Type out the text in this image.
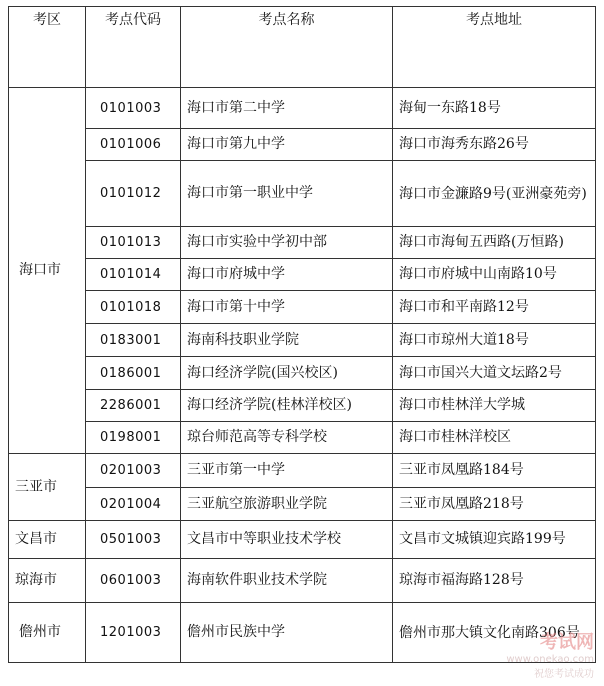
考区	考点代码	考点名称	考点地址
海口市	0101003	海口市第二中学	海甸一东路18号
	0101006	海口市第九中学	海口市海秀东路26号
	0101012	海口市第一职业中学	海口市金濂路9号(亚洲豪苑旁)
	0101013	海口市实验中学初中部	海口市海甸五西路(万恒路)
	0101014	海口市府城中学	海口市府城中山南路10号
	0101018	海口市第十中学	海口市和平南路12号
	0183001	海南科技职业学院	海口市琼州大道18号
	0186001	海口经济学院(国兴校区)	海口市国兴大道文坛路2号
	2286001	海口经济学院(桂林洋校区)	海口市桂林洋大学城
	0198001	琼台师范高等专科学校	海口市桂林洋校区
三亚市	0201003	三亚市第一中学	三亚市凤凰路184号
	0201004	三亚航空旅游职业学院	三亚市凤凰路218号
文昌市	0501003	文昌市中等职业技术学校	文昌市文城镇迎宾路199号
琼海市	0601003	海南软件职业技术学院	琼海市福海路128号
儋州市	1201003	儋州市民族中学	儋州市那大镇文化南路306号
考试网
www.onekao.com
祝您考试成功
